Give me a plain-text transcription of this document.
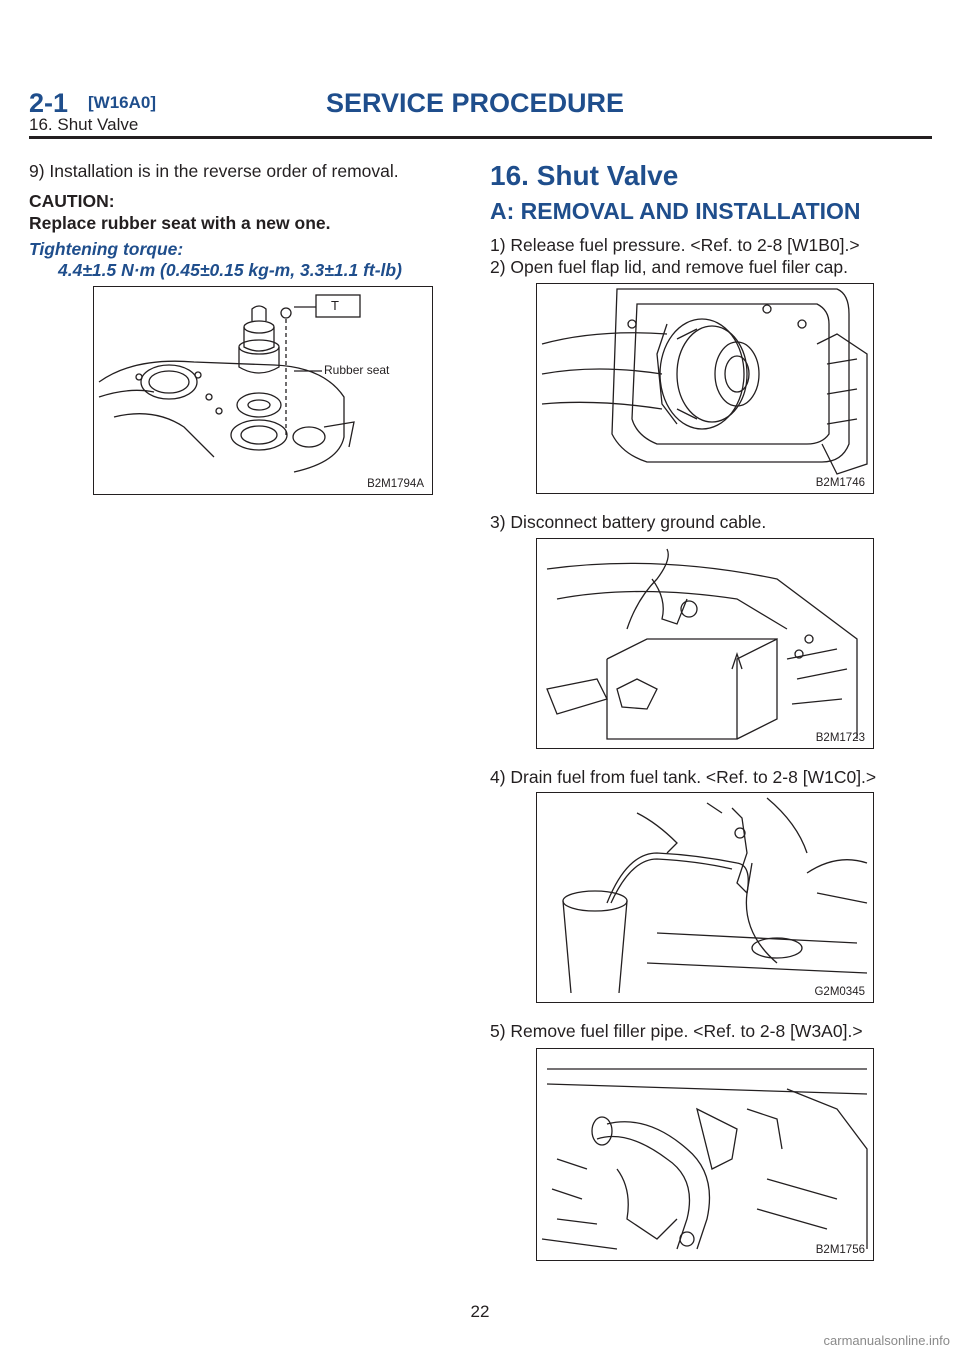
2-1 [W16A0]	SERVICE PROCEDURE
16. Shut Valve
9) Installation is in the reverse order of removal.
CAUTION:
Replace rubber seat with a new one.
Tightening torque:
4.4±1.5 N·m (0.45±0.15 kg-m, 3.3±1.1 ft-lb)
T
Rubber seat
B2M1794A
16. Shut Valve
A: REMOVAL AND INSTALLATION
1) Release fuel pressure. <Ref. to 2-8 [W1B0].>
2) Open fuel flap lid, and remove fuel filer cap.
B2M1746
3) Disconnect battery ground cable.
B2M1723
4) Drain fuel from fuel tank. <Ref. to 2-8 [W1C0].>
G2M0345
5) Remove fuel filler pipe. <Ref. to 2-8 [W3A0].>
B2M1756
22
carmanualsonline.info
